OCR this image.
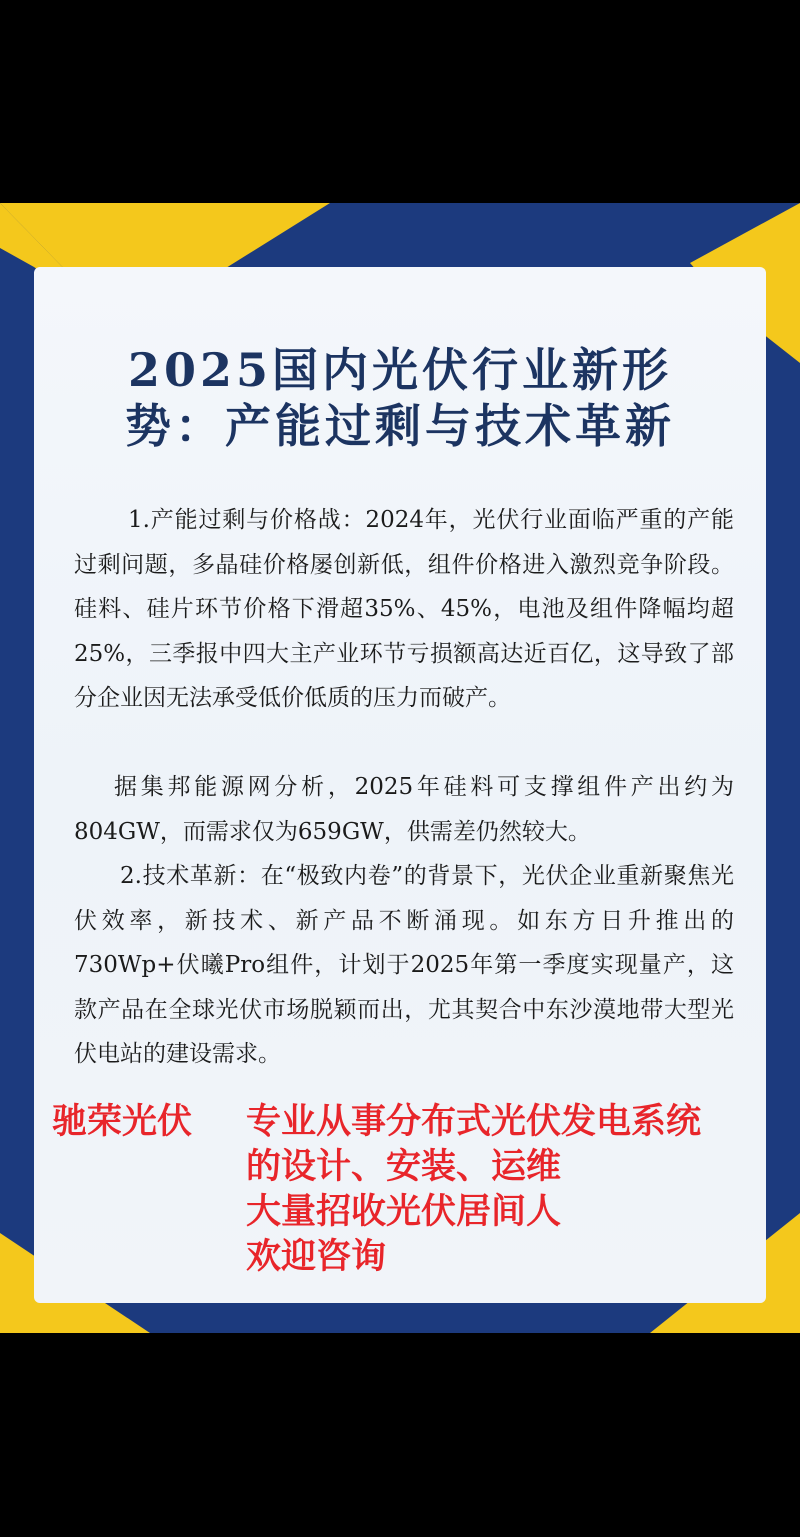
2025国内光伏行业新形
势：产能过剩与技术革新

1.产能过剩与价格战：2024年，光伏行业面临严重的产能过剩问题，多晶硅价格屡创新低，组件价格进入激烈竞争阶段。硅料、硅片环节价格下滑超35%、45%，电池及组件降幅均超25%，三季报中四大主产业环节亏损额高达近百亿，这导致了部分企业因无法承受低价低质的压力而破产。

据集邦能源网分析，2025年硅料可支撑组件产出约为804GW，而需求仅为659GW，供需差仍然较大。

2.技术革新：在“极致内卷”的背景下，光伏企业重新聚焦光伏效率，新技术、新产品不断涌现。如东方日升推出的730Wp+伏曦Pro组件，计划于2025年第一季度实现量产，这款产品在全球光伏市场脱颖而出，尤其契合中东沙漠地带大型光伏电站的建设需求。

驰荣光伏 专业从事分布式光伏发电系统
的设计、安装、运维
大量招收光伏居间人
欢迎咨询
